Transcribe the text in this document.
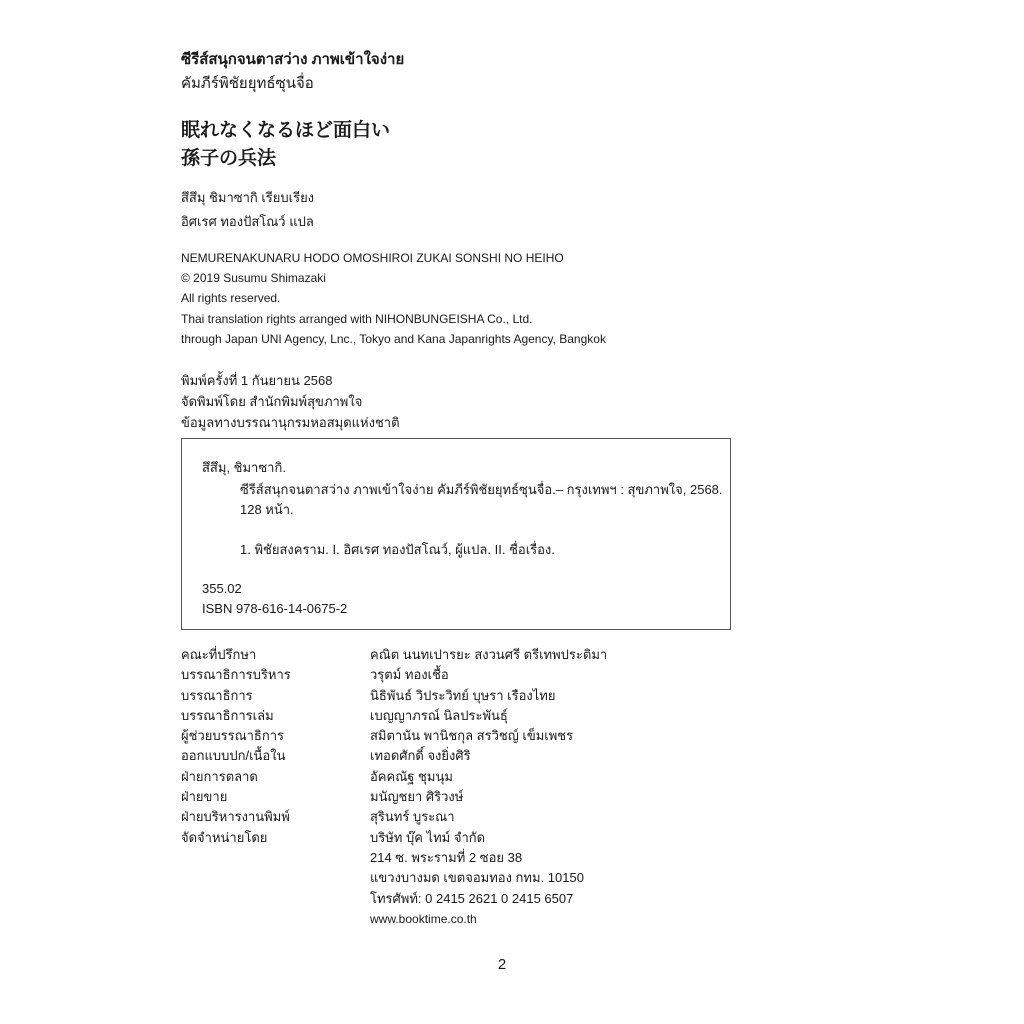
ซีรีส์สนุกจนตาสว่าง ภาพเข้าใจง่าย
คัมภีร์พิชัยยุทธ์ซุนจื่อ
眠れなくなるほど面白い
孫子の兵法
สึสึมุ ชิมาซากิ เรียบเรียง
อิศเรศ ทองปัสโณว์ แปล
NEMURENAKUNARU HODO OMOSHIROI ZUKAI SONSHI NO HEIHO
© 2019 Susumu Shimazaki
All rights reserved.
Thai translation rights arranged with NIHONBUNGEISHA Co., Ltd.
through Japan UNI Agency, Lnc., Tokyo and Kana Japanrights Agency, Bangkok
พิมพ์ครั้งที่ 1 กันยายน 2568
จัดพิมพ์โดย สำนักพิมพ์สุขภาพใจ
ข้อมูลทางบรรณานุกรมหอสมุดแห่งชาติ
สึสึมุ, ชิมาซากิ.
ซีรีส์สนุกจนตาสว่าง ภาพเข้าใจง่าย คัมภีร์พิชัยยุทธ์ซุนจื่อ.– กรุงเทพฯ : สุขภาพใจ, 2568.
128 หน้า.
1. พิชัยสงคราม. I. อิศเรศ ทองปัสโณว์, ผู้แปล. II. ชื่อเรื่อง.
355.02
ISBN 978-616-14-0675-2
คณะที่ปรึกษา	คณิต นนทเปารยะ สงวนศรี ตรีเทพประติมา
บรรณาธิการบริหาร	วรุตม์ ทองเชื้อ
บรรณาธิการ	นิธิพันธ์ วิประวิทย์ บุษรา เรืองไทย
บรรณาธิการเล่ม	เบญญาภรณ์ นิลประพันธุ์
ผู้ช่วยบรรณาธิการ	สมิตานัน พานิชกุล สรวิชญ์ เข็มเพชร
ออกแบบปก/เนื้อใน	เทอดศักดิ์ จงยิ่งศิริ
ฝ่ายการตลาด	อัคคณัฐ ชุมนุม
ฝ่ายขาย	มนัญชยา ศิริวงษ์
ฝ่ายบริหารงานพิมพ์	สุรินทร์ บูระณา
จัดจำหน่ายโดย	บริษัท บุ๊ค ไทม์ จำกัด
214 ซ. พระรามที่ 2 ซอย 38
แขวงบางมด เขตจอมทอง กทม. 10150
โทรศัพท์: 0 2415 2621 0 2415 6507
www.booktime.co.th
2
